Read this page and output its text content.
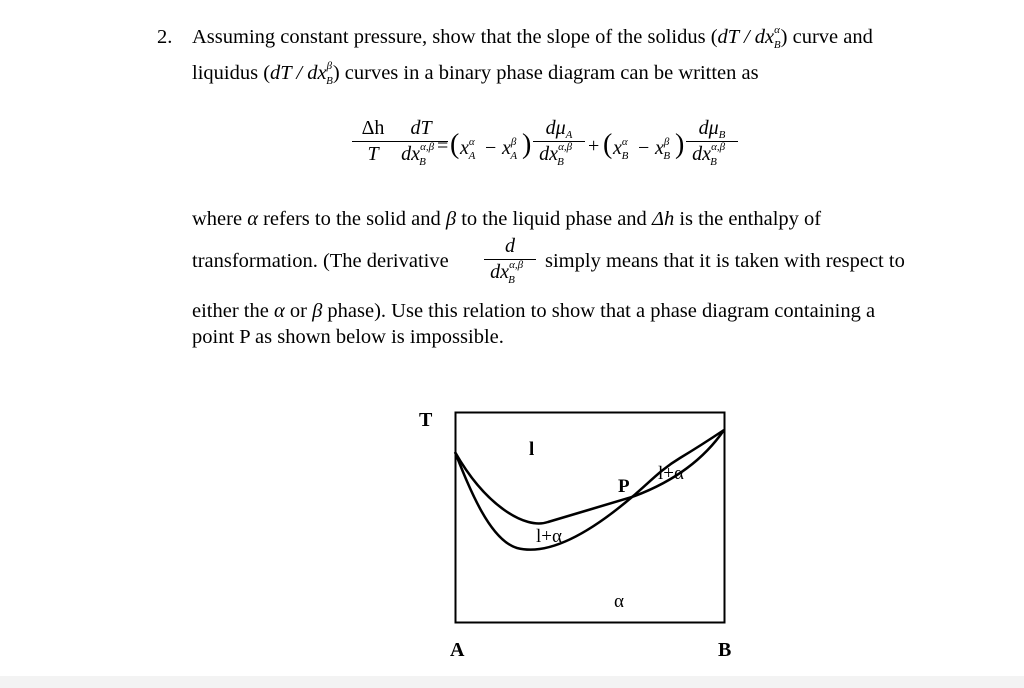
2. Assuming constant pressure, show that the slope of the solidus $(dT / dx^\alpha_B)$ curve and
liquidus $(dT / dx^\beta_B)$ curves in a binary phase diagram can be written as
Δh
T
dT
$dx^{\alpha,\beta}_B$
= ( $x^\alpha_A - x^\beta_A$ )
$d\mu_A$
$dx^{\alpha,\beta}_B$
+ ( $x^\alpha_B - x^\beta_B$ )
$d\mu_B$
$dx^{\alpha,\beta}_B$
where α refers to the solid and β to the liquid phase and Δh is the enthalpy of
transformation. (The derivative
d
$dx^{\alpha,\beta}_B$
simply means that it is taken with respect to
either the α or β phase). Use this relation to show that a phase diagram containing a
point P as shown below is impossible.
T
A	B
l
l+α
l+α
P
α
